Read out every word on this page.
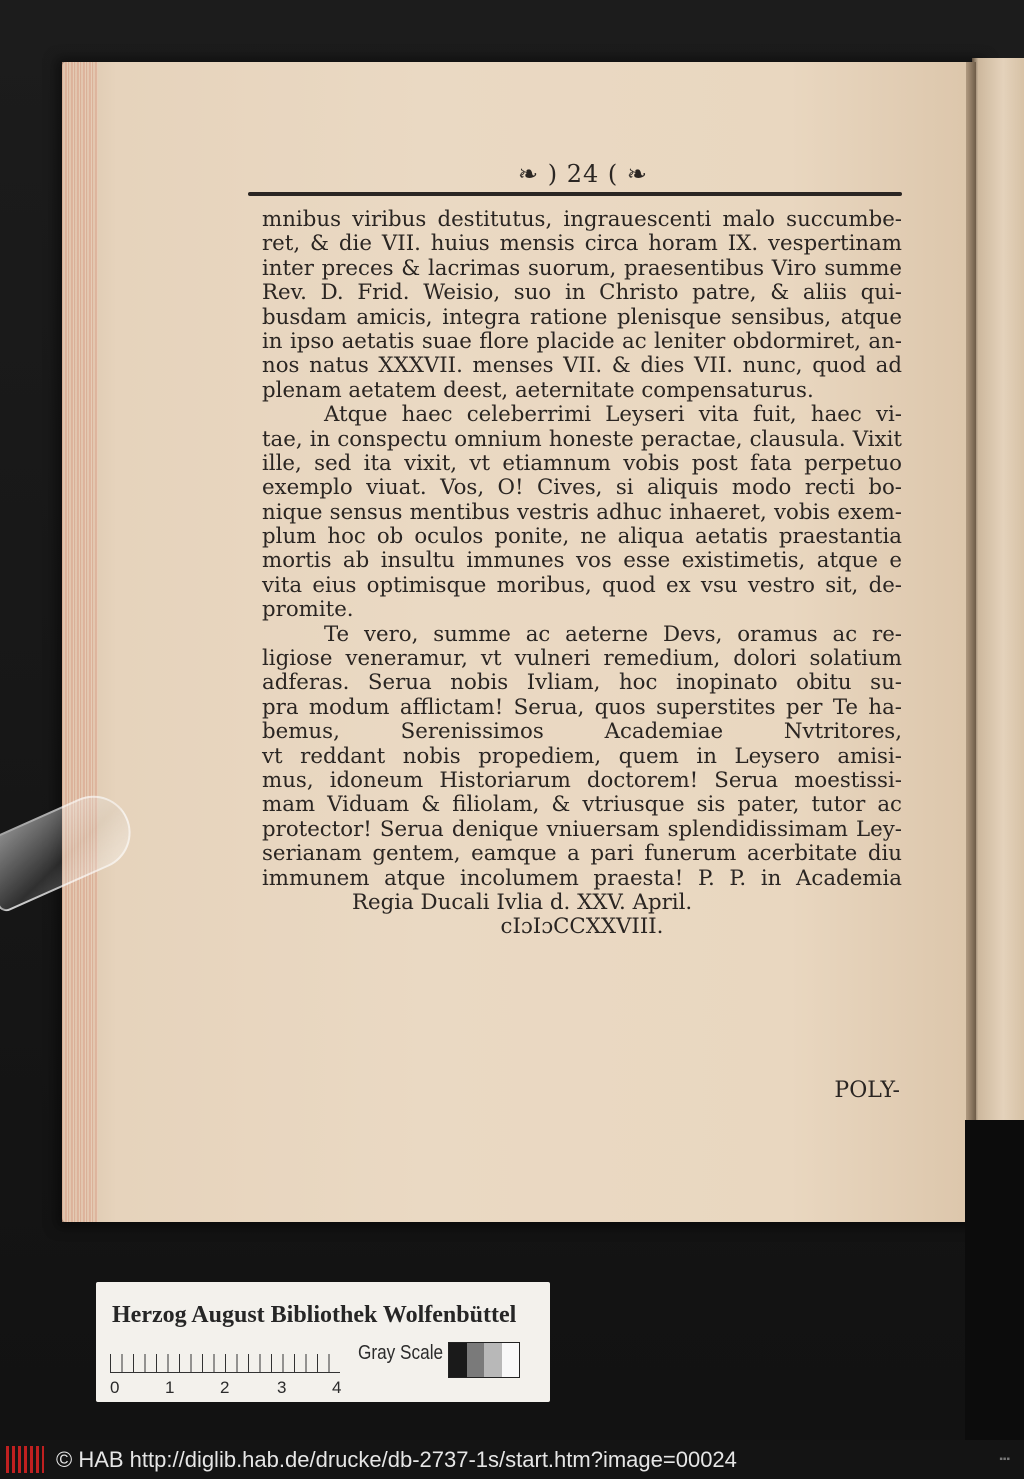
❧ ) 24 ( ❧
mnibus viribus destitutus, ingrauescenti malo succumbe-
ret, & die VII. huius mensis circa horam IX. vespertinam
inter preces & lacrimas suorum, praesentibus Viro summe
Rev. D. Frid. Weisio, suo in Christo patre, & aliis qui-
busdam amicis, integra ratione plenisque sensibus, atque
in ipso aetatis suae flore placide ac leniter obdormiret, an-
nos natus XXXVII. menses VII. & dies VII. nunc, quod ad
plenam aetatem deest, aeternitate compensaturus.
Atque haec celeberrimi Leyseri vita fuit, haec vi-
tae, in conspectu omnium honeste peractae, clausula. Vixit
ille, sed ita vixit, vt etiamnum vobis post fata perpetuo
exemplo viuat. Vos, O! Cives, si aliquis modo recti bo-
nique sensus mentibus vestris adhuc inhaeret, vobis exem-
plum hoc ob oculos ponite, ne aliqua aetatis praestantia
mortis ab insultu immunes vos esse existimetis, atque e
vita eius optimisque moribus, quod ex vsu vestro sit, de-
promite.
Te vero, summe ac aeterne Devs, oramus ac re-
ligiose veneramur, vt vulneri remedium, dolori solatium
adferas. Serua nobis Ivliam, hoc inopinato obitu su-
pra modum afflictam! Serua, quos superstites per Te ha-
bemus, Serenissimos Academiae Nvtritores,
vt reddant nobis propediem, quem in Leysero amisi-
mus, idoneum Historiarum doctorem! Serua moestissi-
mam Viduam & filiolam, & vtriusque sis pater, tutor ac
protector! Serua denique vniuersam splendidissimam Ley-
serianam gentem, eamque a pari funerum acerbitate diu
immunem atque incolumem praesta! P. P. in Academia
Regia Ducali Ivlia d. XXV. April.
cIɔIɔCCXXVIII.
POLY-
Herzog August Bibliothek Wolfenbüttel
0	1	2	3	4
Gray Scale
© HAB http://diglib.hab.de/drucke/db-2737-1s/start.htm?image=00024	▪▪▪
